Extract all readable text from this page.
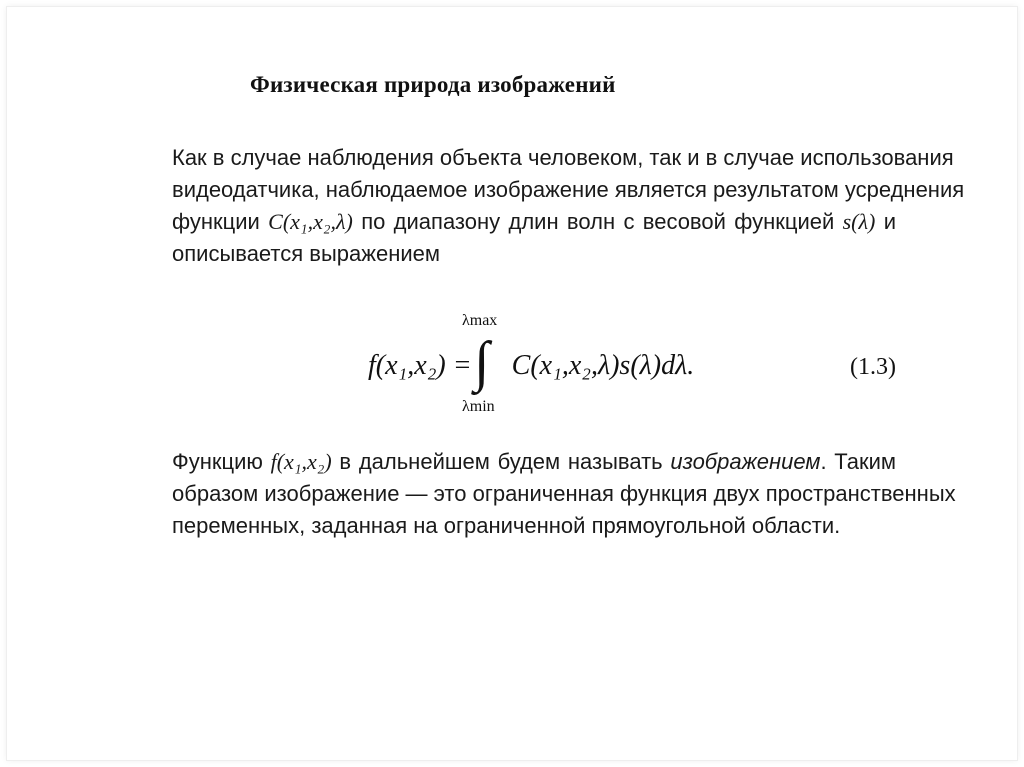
Физическая природа изображений
Как в случае наблюдения объекта человеком, так и в случае использования
видеодатчика, наблюдаемое изображение является результатом усреднения
функции C(x₁,x₂,λ) по диапазону длин волн с весовой функцией s(λ) и
описывается выражением
λmax
∫
λmin
f(x₁,x₂) = C(x₁,x₂,λ)s(λ)dλ.	(1.3)
Функцию f(x₁,x₂) в дальнейшем будем называть изображением. Таким
образом изображение — это ограниченная функция двух пространственных
переменных, заданная на ограниченной прямоугольной области.
